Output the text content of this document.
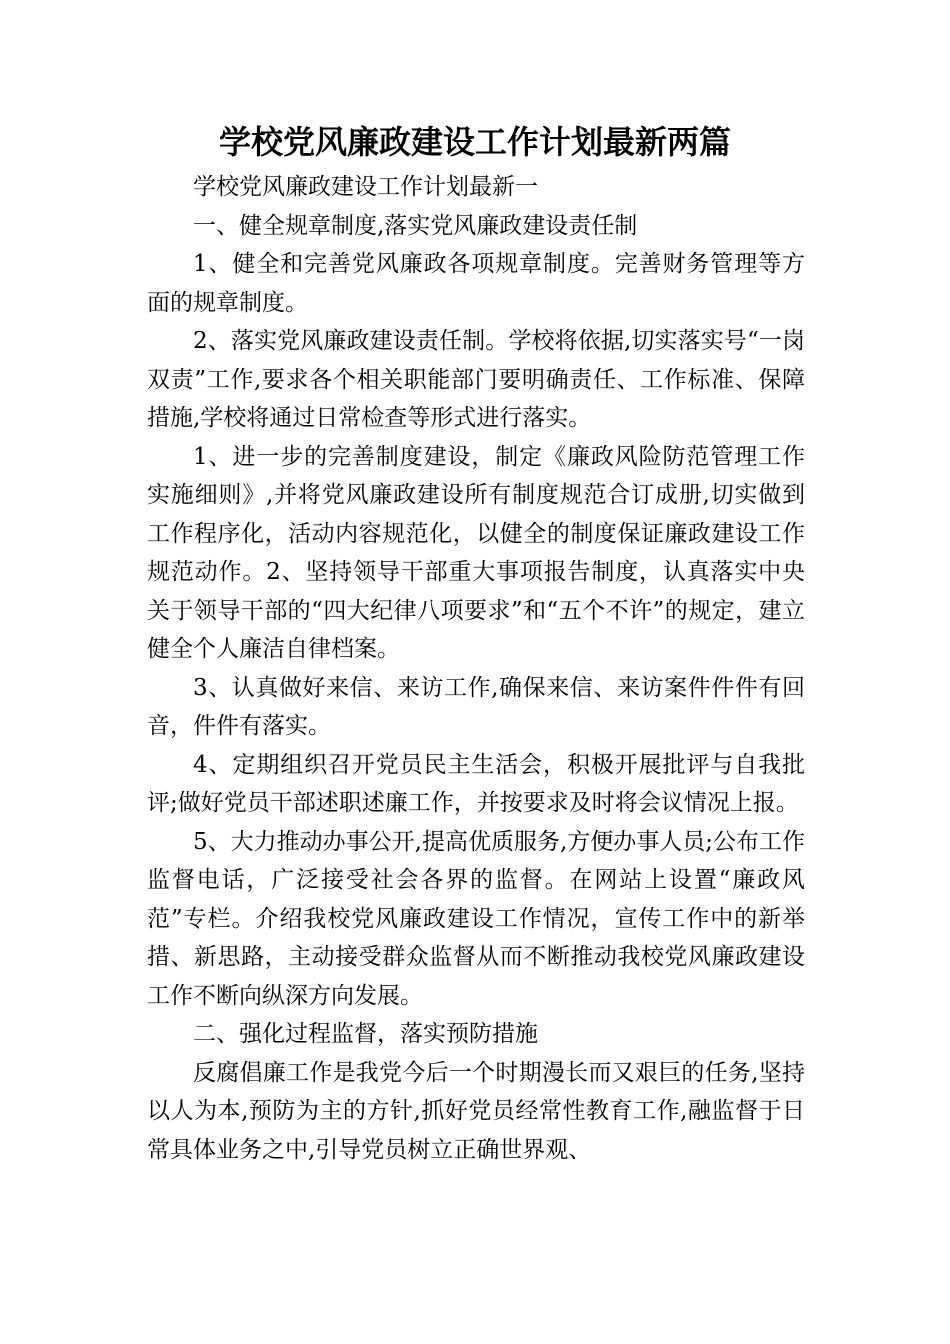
学校党风廉政建设工作计划最新两篇

学校党风廉政建设工作计划最新一

一、健全规章制度,落实党风廉政建设责任制

1、健全和完善党风廉政各项规章制度。完善财务管理等方面的规章制度。

2、落实党风廉政建设责任制。学校将依据,切实落实号“一岗双责”工作,要求各个相关职能部门要明确责任、工作标准、保障措施,学校将通过日常检查等形式进行落实。

1、进一步的完善制度建设，制定《廉政风险防范管理工作实施细则》,并将党风廉政建设所有制度规范合订成册,切实做到工作程序化，活动内容规范化，以健全的制度保证廉政建设工作规范动作。2、坚持领导干部重大事项报告制度，认真落实中央关于领导干部的“四大纪律八项要求”和“五个不许”的规定，建立健全个人廉洁自律档案。

3、认真做好来信、来访工作,确保来信、来访案件件件有回音，件件有落实。

4、定期组织召开党员民主生活会，积极开展批评与自我批评;做好党员干部述职述廉工作，并按要求及时将会议情况上报。

5、大力推动办事公开,提高优质服务,方便办事人员;公布工作监督电话，广泛接受社会各界的监督。在网站上设置“廉政风范”专栏。介绍我校党风廉政建设工作情况，宣传工作中的新举措、新思路，主动接受群众监督从而不断推动我校党风廉政建设工作不断向纵深方向发展。

二、强化过程监督，落实预防措施

反腐倡廉工作是我党今后一个时期漫长而又艰巨的任务,坚持以人为本,预防为主的方针,抓好党员经常性教育工作,融监督于日常具体业务之中,引导党员树立正确世界观、
